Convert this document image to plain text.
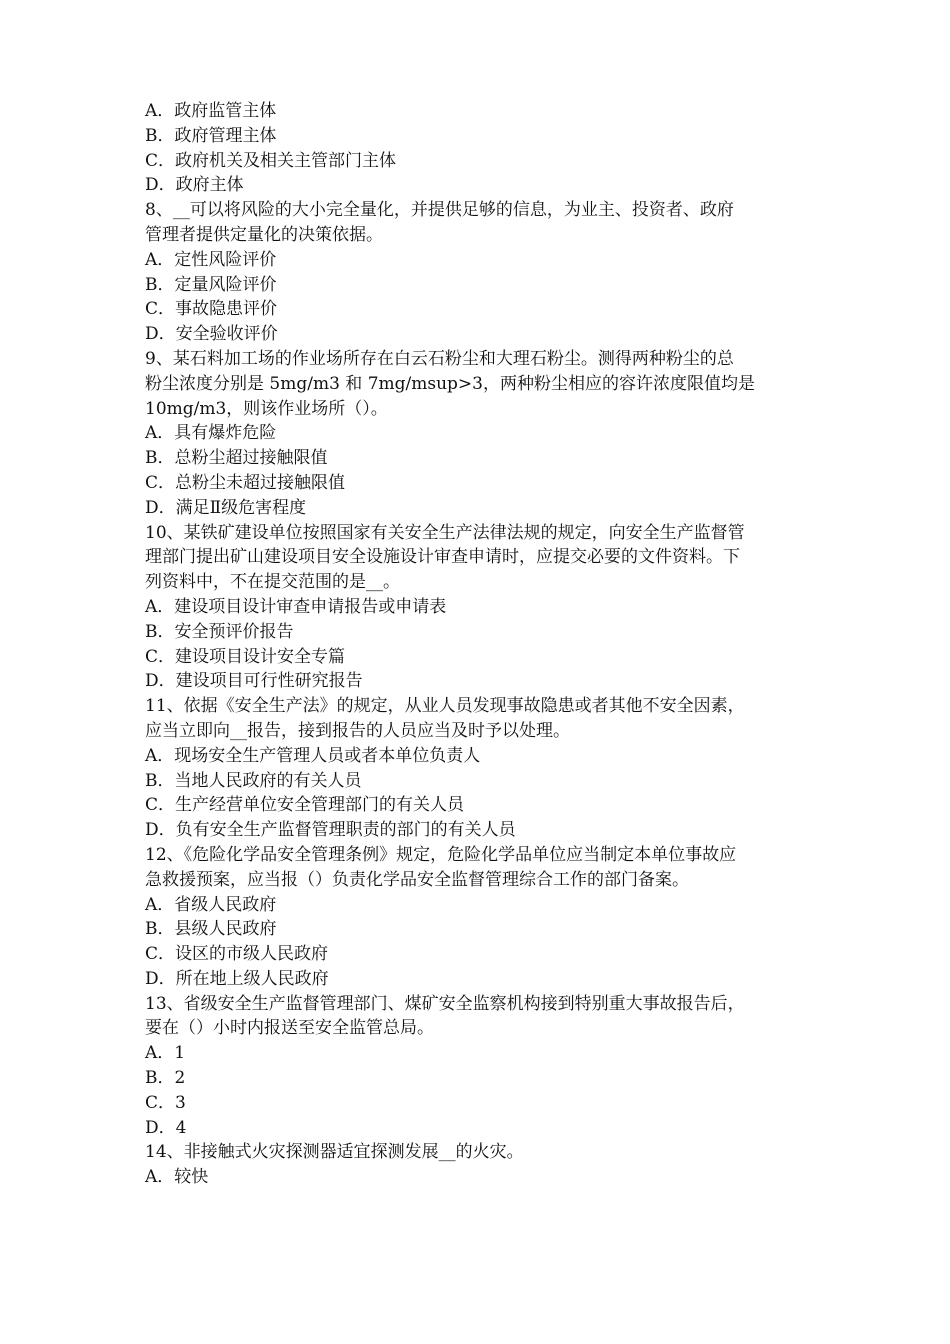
A．政府监管主体
B．政府管理主体
C．政府机关及相关主管部门主体
D．政府主体
8、__可以将风险的大小完全量化，并提供足够的信息，为业主、投资者、政府
管理者提供定量化的决策依据。
A．定性风险评价
B．定量风险评价
C．事故隐患评价
D．安全验收评价
9、某石料加工场的作业场所存在白云石粉尘和大理石粉尘。测得两种粉尘的总
粉尘浓度分别是 5mg/m3 和 7mg/msup>3，两种粉尘相应的容许浓度限值均是
10mg/m3，则该作业场所（）。
A．具有爆炸危险
B．总粉尘超过接触限值
C．总粉尘未超过接触限值
D．满足Ⅱ级危害程度
10、某铁矿建设单位按照国家有关安全生产法律法规的规定，向安全生产监督管
理部门提出矿山建设项目安全设施设计审查申请时，应提交必要的文件资料。下
列资料中，不在提交范围的是__。
A．建设项目设计审查申请报告或申请表
B．安全预评价报告
C．建设项目设计安全专篇
D．建设项目可行性研究报告
11、依据《安全生产法》的规定，从业人员发现事故隐患或者其他不安全因素，
应当立即向__报告，接到报告的人员应当及时予以处理。
A．现场安全生产管理人员或者本单位负责人
B．当地人民政府的有关人员
C．生产经营单位安全管理部门的有关人员
D．负有安全生产监督管理职责的部门的有关人员
12、《危险化学品安全管理条例》规定，危险化学品单位应当制定本单位事故应
急救援预案，应当报（）负责化学品安全监督管理综合工作的部门备案。
A．省级人民政府
B．县级人民政府
C．设区的市级人民政府
D．所在地上级人民政府
13、省级安全生产监督管理部门、煤矿安全监察机构接到特别重大事故报告后，
要在（）小时内报送至安全监管总局。
A．1
B．2
C．3
D．4
14、非接触式火灾探测器适宜探测发展__的火灾。
A．较快
